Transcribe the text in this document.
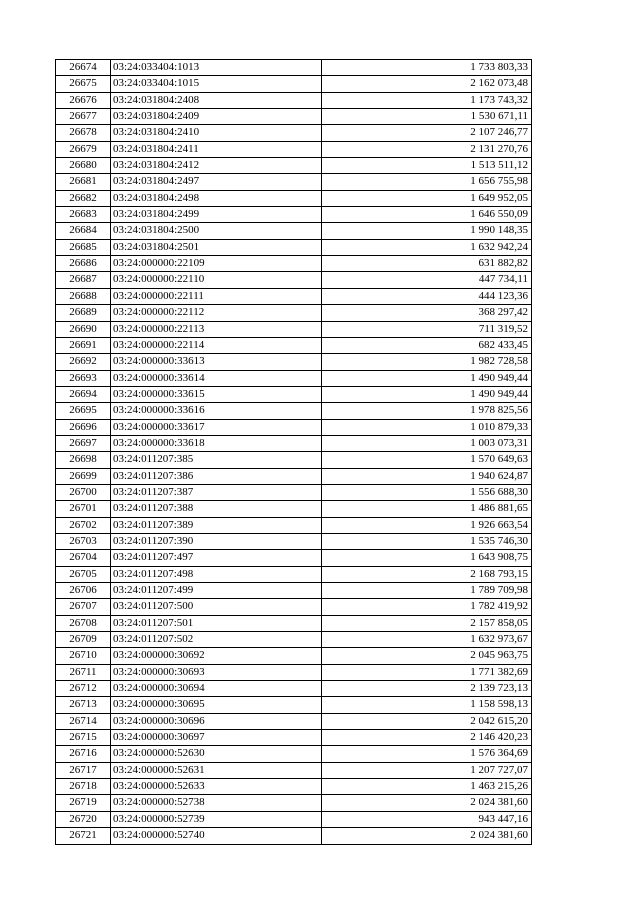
26674	03:24:033404:1013	1 733 803,33
26675	03:24:033404:1015	2 162 073,48
26676	03:24:031804:2408	1 173 743,32
26677	03:24:031804:2409	1 530 671,11
26678	03:24:031804:2410	2 107 246,77
26679	03:24:031804:2411	2 131 270,76
26680	03:24:031804:2412	1 513 511,12
26681	03:24:031804:2497	1 656 755,98
26682	03:24:031804:2498	1 649 952,05
26683	03:24:031804:2499	1 646 550,09
26684	03:24:031804:2500	1 990 148,35
26685	03:24:031804:2501	1 632 942,24
26686	03:24:000000:22109	631 882,82
26687	03:24:000000:22110	447 734,11
26688	03:24:000000:22111	444 123,36
26689	03:24:000000:22112	368 297,42
26690	03:24:000000:22113	711 319,52
26691	03:24:000000:22114	682 433,45
26692	03:24:000000:33613	1 982 728,58
26693	03:24:000000:33614	1 490 949,44
26694	03:24:000000:33615	1 490 949,44
26695	03:24:000000:33616	1 978 825,56
26696	03:24:000000:33617	1 010 879,33
26697	03:24:000000:33618	1 003 073,31
26698	03:24:011207:385	1 570 649,63
26699	03:24:011207:386	1 940 624,87
26700	03:24:011207:387	1 556 688,30
26701	03:24:011207:388	1 486 881,65
26702	03:24:011207:389	1 926 663,54
26703	03:24:011207:390	1 535 746,30
26704	03:24:011207:497	1 643 908,75
26705	03:24:011207:498	2 168 793,15
26706	03:24:011207:499	1 789 709,98
26707	03:24:011207:500	1 782 419,92
26708	03:24:011207:501	2 157 858,05
26709	03:24:011207:502	1 632 973,67
26710	03:24:000000:30692	2 045 963,75
26711	03:24:000000:30693	1 771 382,69
26712	03:24:000000:30694	2 139 723,13
26713	03:24:000000:30695	1 158 598,13
26714	03:24:000000:30696	2 042 615,20
26715	03:24:000000:30697	2 146 420,23
26716	03:24:000000:52630	1 576 364,69
26717	03:24:000000:52631	1 207 727,07
26718	03:24:000000:52633	1 463 215,26
26719	03:24:000000:52738	2 024 381,60
26720	03:24:000000:52739	943 447,16
26721	03:24:000000:52740	2 024 381,60
